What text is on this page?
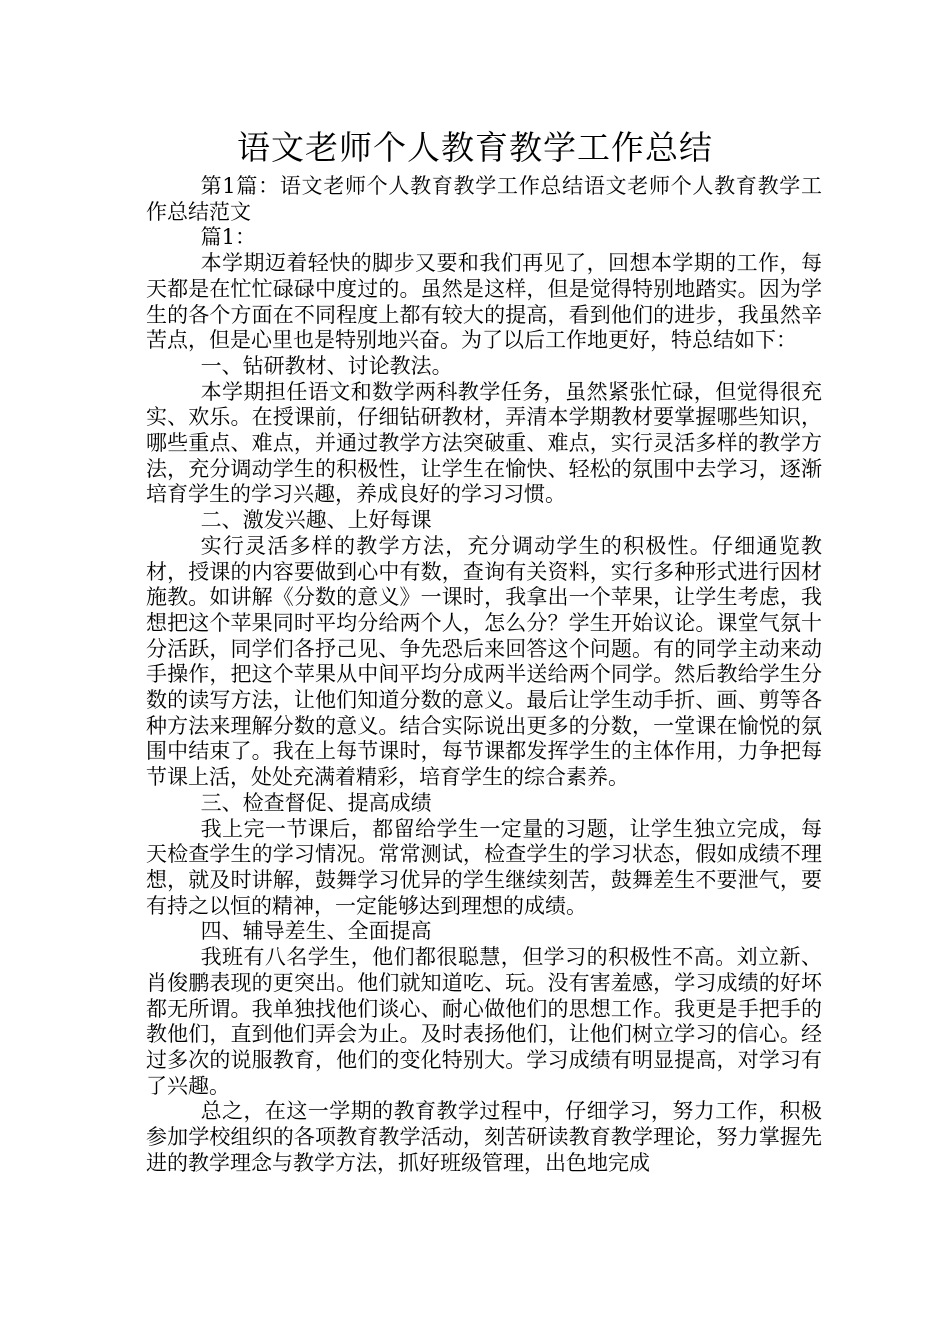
语文老师个人教育教学工作总结

第1篇：语文老师个人教育教学工作总结语文老师个人教育教学工作总结范文

篇1：

本学期迈着轻快的脚步又要和我们再见了，回想本学期的工作，每天都是在忙忙碌碌中度过的。虽然是这样，但是觉得特别地踏实。因为学生的各个方面在不同程度上都有较大的提高，看到他们的进步，我虽然辛苦点，但是心里也是特别地兴奋。为了以后工作地更好，特总结如下：

一、钻研教材、讨论教法。

本学期担任语文和数学两科教学任务，虽然紧张忙碌，但觉得很充实、欢乐。在授课前，仔细钻研教材，弄清本学期教材要掌握哪些知识，哪些重点、难点，并通过教学方法突破重、难点，实行灵活多样的教学方法，充分调动学生的积极性，让学生在愉快、轻松的氛围中去学习，逐渐培育学生的学习兴趣，养成良好的学习习惯。

二、激发兴趣、上好每课

实行灵活多样的教学方法，充分调动学生的积极性。仔细通览教材，授课的内容要做到心中有数，查询有关资料，实行多种形式进行因材施教。如讲解《分数的意义》一课时，我拿出一个苹果，让学生考虑，我想把这个苹果同时平均分给两个人，怎么分？学生开始议论。课堂气氛十分活跃，同学们各抒己见、争先恐后来回答这个问题。有的同学主动来动手操作，把这个苹果从中间平均分成两半送给两个同学。然后教给学生分数的读写方法，让他们知道分数的意义。最后让学生动手折、画、剪等各种方法来理解分数的意义。结合实际说出更多的分数，一堂课在愉悦的氛围中结束了。我在上每节课时，每节课都发挥学生的主体作用，力争把每节课上活，处处充满着精彩，培育学生的综合素养。

三、检查督促、提高成绩

我上完一节课后，都留给学生一定量的习题，让学生独立完成，每天检查学生的学习情况。常常测试，检查学生的学习状态，假如成绩不理想，就及时讲解，鼓舞学习优异的学生继续刻苦，鼓舞差生不要泄气，要有持之以恒的精神，一定能够达到理想的成绩。

四、辅导差生、全面提高

我班有八名学生，他们都很聪慧，但学习的积极性不高。刘立新、肖俊鹏表现的更突出。他们就知道吃、玩。没有害羞感，学习成绩的好坏都无所谓。我单独找他们谈心、耐心做他们的思想工作。我更是手把手的教他们，直到他们弄会为止。及时表扬他们，让他们树立学习的信心。经过多次的说服教育，他们的变化特别大。学习成绩有明显提高，对学习有了兴趣。

总之，在这一学期的教育教学过程中，仔细学习，努力工作，积极参加学校组织的各项教育教学活动，刻苦研读教育教学理论，努力掌握先进的教学理念与教学方法，抓好班级管理，出色地完成
